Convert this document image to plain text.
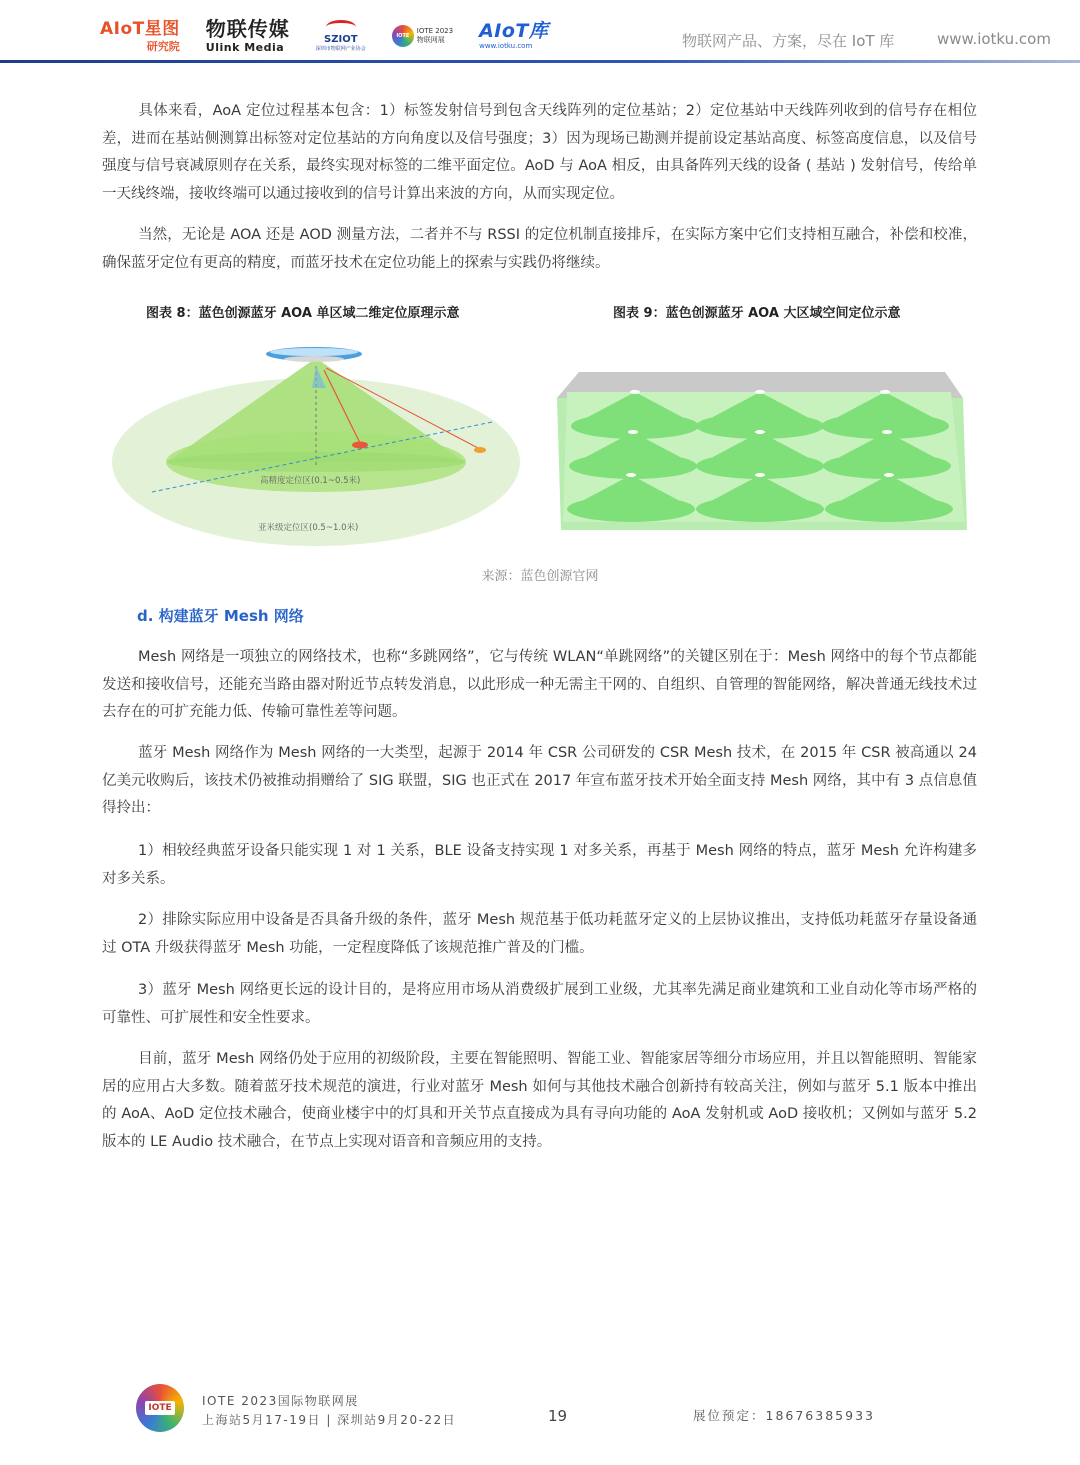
AIoT星图
研究院
物联传媒
Ulink Media
SZIOT
深圳市物联网产业协会
IOTE
IOTE 2023
物联网展	AIoT库
www.iotku.com	物联网产品、方案，尽在 IoT 库	www.iotku.com

具体来看，AoA 定位过程基本包含：1）标签发射信号到包含天线阵列的定位基站；2）定位基站中天线阵列收到的信号存在相位差，进而在基站侧测算出标签对定位基站的方向角度以及信号强度；3）因为现场已勘测并提前设定基站高度、标签高度信息，以及信号强度与信号衰减原则存在关系，最终实现对标签的二维平面定位。AoD 与 AoA 相反，由具备阵列天线的设备 ( 基站 ) 发射信号，传给单一天线终端，接收终端可以通过接收到的信号计算出来波的方向，从而实现定位。

当然，无论是 AOA 还是 AOD 测量方法，二者并不与 RSSI 的定位机制直接排斥，在实际方案中它们支持相互融合，补偿和校准，确保蓝牙定位有更高的精度，而蓝牙技术在定位功能上的探索与实践仍将继续。

图表 8：蓝色创源蓝牙 AOA 单区域二维定位原理示意	图表 9：蓝色创源蓝牙 AOA 大区域空间定位示意
高精度定位区(0.1~0.5米)
亚米级定位区(0.5~1.0米)
来源：蓝色创源官网
d. 构建蓝牙 Mesh 网络

Mesh 网络是一项独立的网络技术，也称“多跳网络”，它与传统 WLAN“单跳网络”的关键区别在于：Mesh 网络中的每个节点都能发送和接收信号，还能充当路由器对附近节点转发消息，以此形成一种无需主干网的、自组织、自管理的智能网络，解决普通无线技术过去存在的可扩充能力低、传输可靠性差等问题。

蓝牙 Mesh 网络作为 Mesh 网络的一大类型，起源于 2014 年 CSR 公司研发的 CSR Mesh 技术，在 2015 年 CSR 被高通以 24 亿美元收购后，该技术仍被推动捐赠给了 SIG 联盟，SIG 也正式在 2017 年宣布蓝牙技术开始全面支持 Mesh 网络，其中有 3 点信息值得拎出：

1）相较经典蓝牙设备只能实现 1 对 1 关系，BLE 设备支持实现 1 对多关系，再基于 Mesh 网络的特点，蓝牙 Mesh 允许构建多对多关系。

2）排除实际应用中设备是否具备升级的条件，蓝牙 Mesh 规范基于低功耗蓝牙定义的上层协议推出，支持低功耗蓝牙存量设备通过 OTA 升级获得蓝牙 Mesh 功能，一定程度降低了该规范推广普及的门槛。

3）蓝牙 Mesh 网络更长远的设计目的，是将应用市场从消费级扩展到工业级，尤其率先满足商业建筑和工业自动化等市场严格的可靠性、可扩展性和安全性要求。

目前，蓝牙 Mesh 网络仍处于应用的初级阶段，主要在智能照明、智能工业、智能家居等细分市场应用，并且以智能照明、智能家居的应用占大多数。随着蓝牙技术规范的演进，行业对蓝牙 Mesh 如何与其他技术融合创新持有较高关注，例如与蓝牙 5.1 版本中推出的 AoA、AoD 定位技术融合，使商业楼宇中的灯具和开关节点直接成为具有寻向功能的 AoA 发射机或 AoD 接收机；又例如与蓝牙 5.2 版本的 LE Audio 技术融合，在节点上实现对语音和音频应用的支持。

IOTE	IOTE 2023国际物联网展
上海站5月17-19日 | 深圳站9月20-22日	19	展位预定：18676385933
